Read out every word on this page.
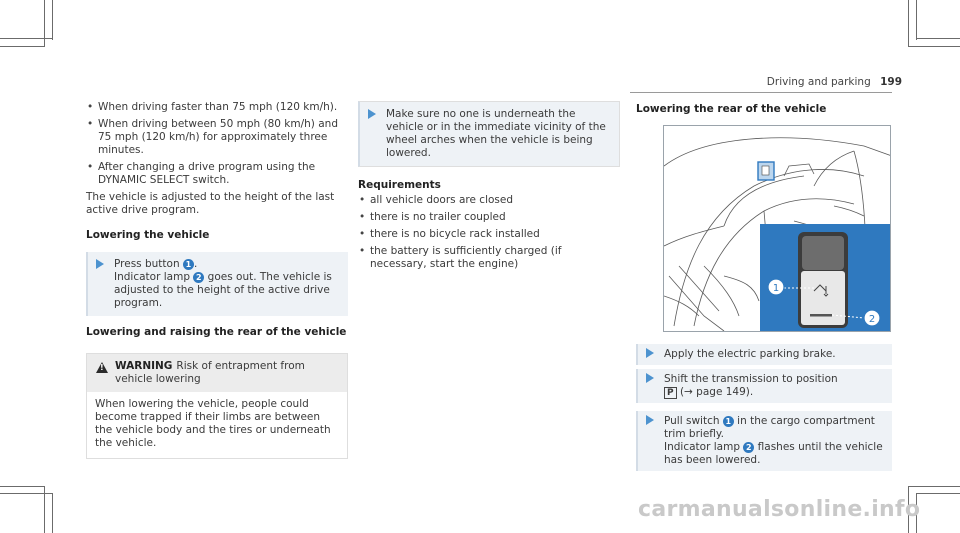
Driving and parking 199
• When driving faster than 75 mph (120 km/h).
• When driving between 50 mph (80 km/h) and 75 mph (120 km/h) for approximately three minutes.
• After changing a drive program using the DYNAMIC SELECT switch.

The vehicle is adjusted to the height of the last active drive program.

Lowering the vehicle

Press button 1 .
Indicator lamp 2 goes out. The vehicle is adjusted to the height of the active drive program.

Lowering and raising the rear of the vehicle

!
WARNING Risk of entrapment from vehicle lowering
When lowering the vehicle, people could become trapped if their limbs are between the vehicle body and the tires or underneath the vehicle.
Make sure no one is underneath the vehicle or in the immediate vicinity of the wheel arches when the vehicle is being lowered.

Requirements

• all vehicle doors are closed
• there is no trailer coupled
• there is no bicycle rack installed
• the battery is sufficiently charged (if necessary, start the engine)

Lowering the rear of the vehicle

1
2
Apply the electric parking brake.
Shift the transmission to position
P (→ page 149).
Pull switch 1 in the cargo compartment trim briefly.
Indicator lamp 2 flashes until the vehicle has been lowered.
carmanualsonline.info
